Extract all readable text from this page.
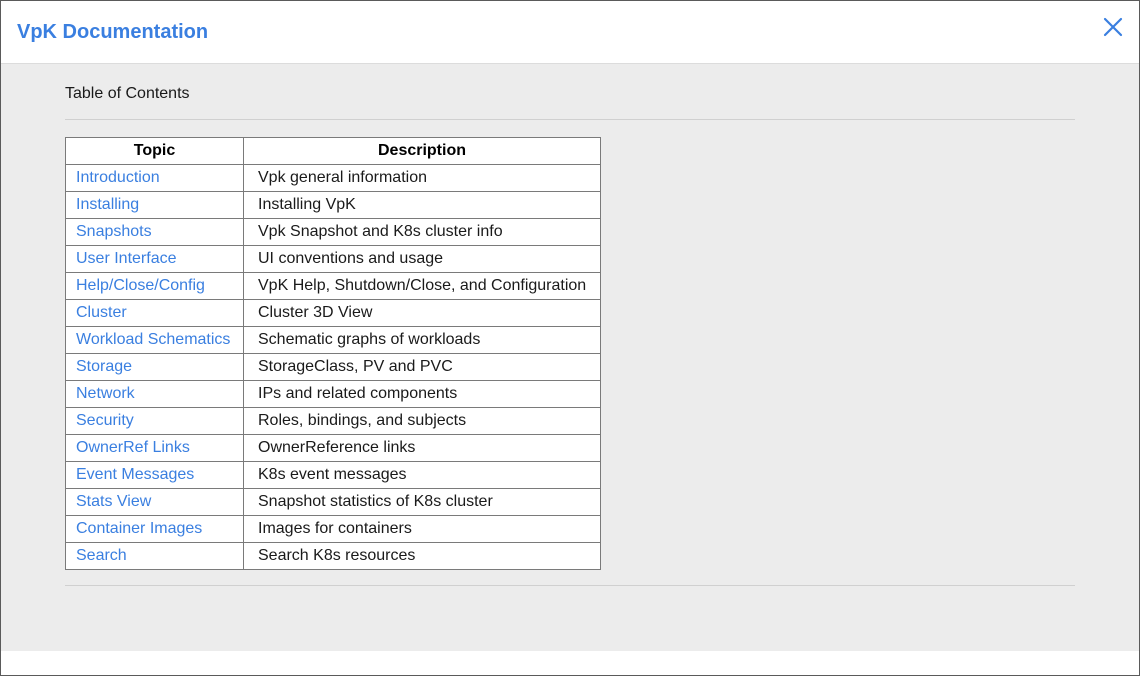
VpK Documentation
Table of Contents
Topic	Description
Introduction	Vpk general information
Installing	Installing VpK
Snapshots	Vpk Snapshot and K8s cluster info
User Interface	UI conventions and usage
Help/Close/Config	VpK Help, Shutdown/Close, and Configuration
Cluster	Cluster 3D View
Workload Schematics	Schematic graphs of workloads
Storage	StorageClass, PV and PVC
Network	IPs and related components
Security	Roles, bindings, and subjects
OwnerRef Links	OwnerReference links
Event Messages	K8s event messages
Stats View	Snapshot statistics of K8s cluster
Container Images	Images for containers
Search	Search K8s resources
